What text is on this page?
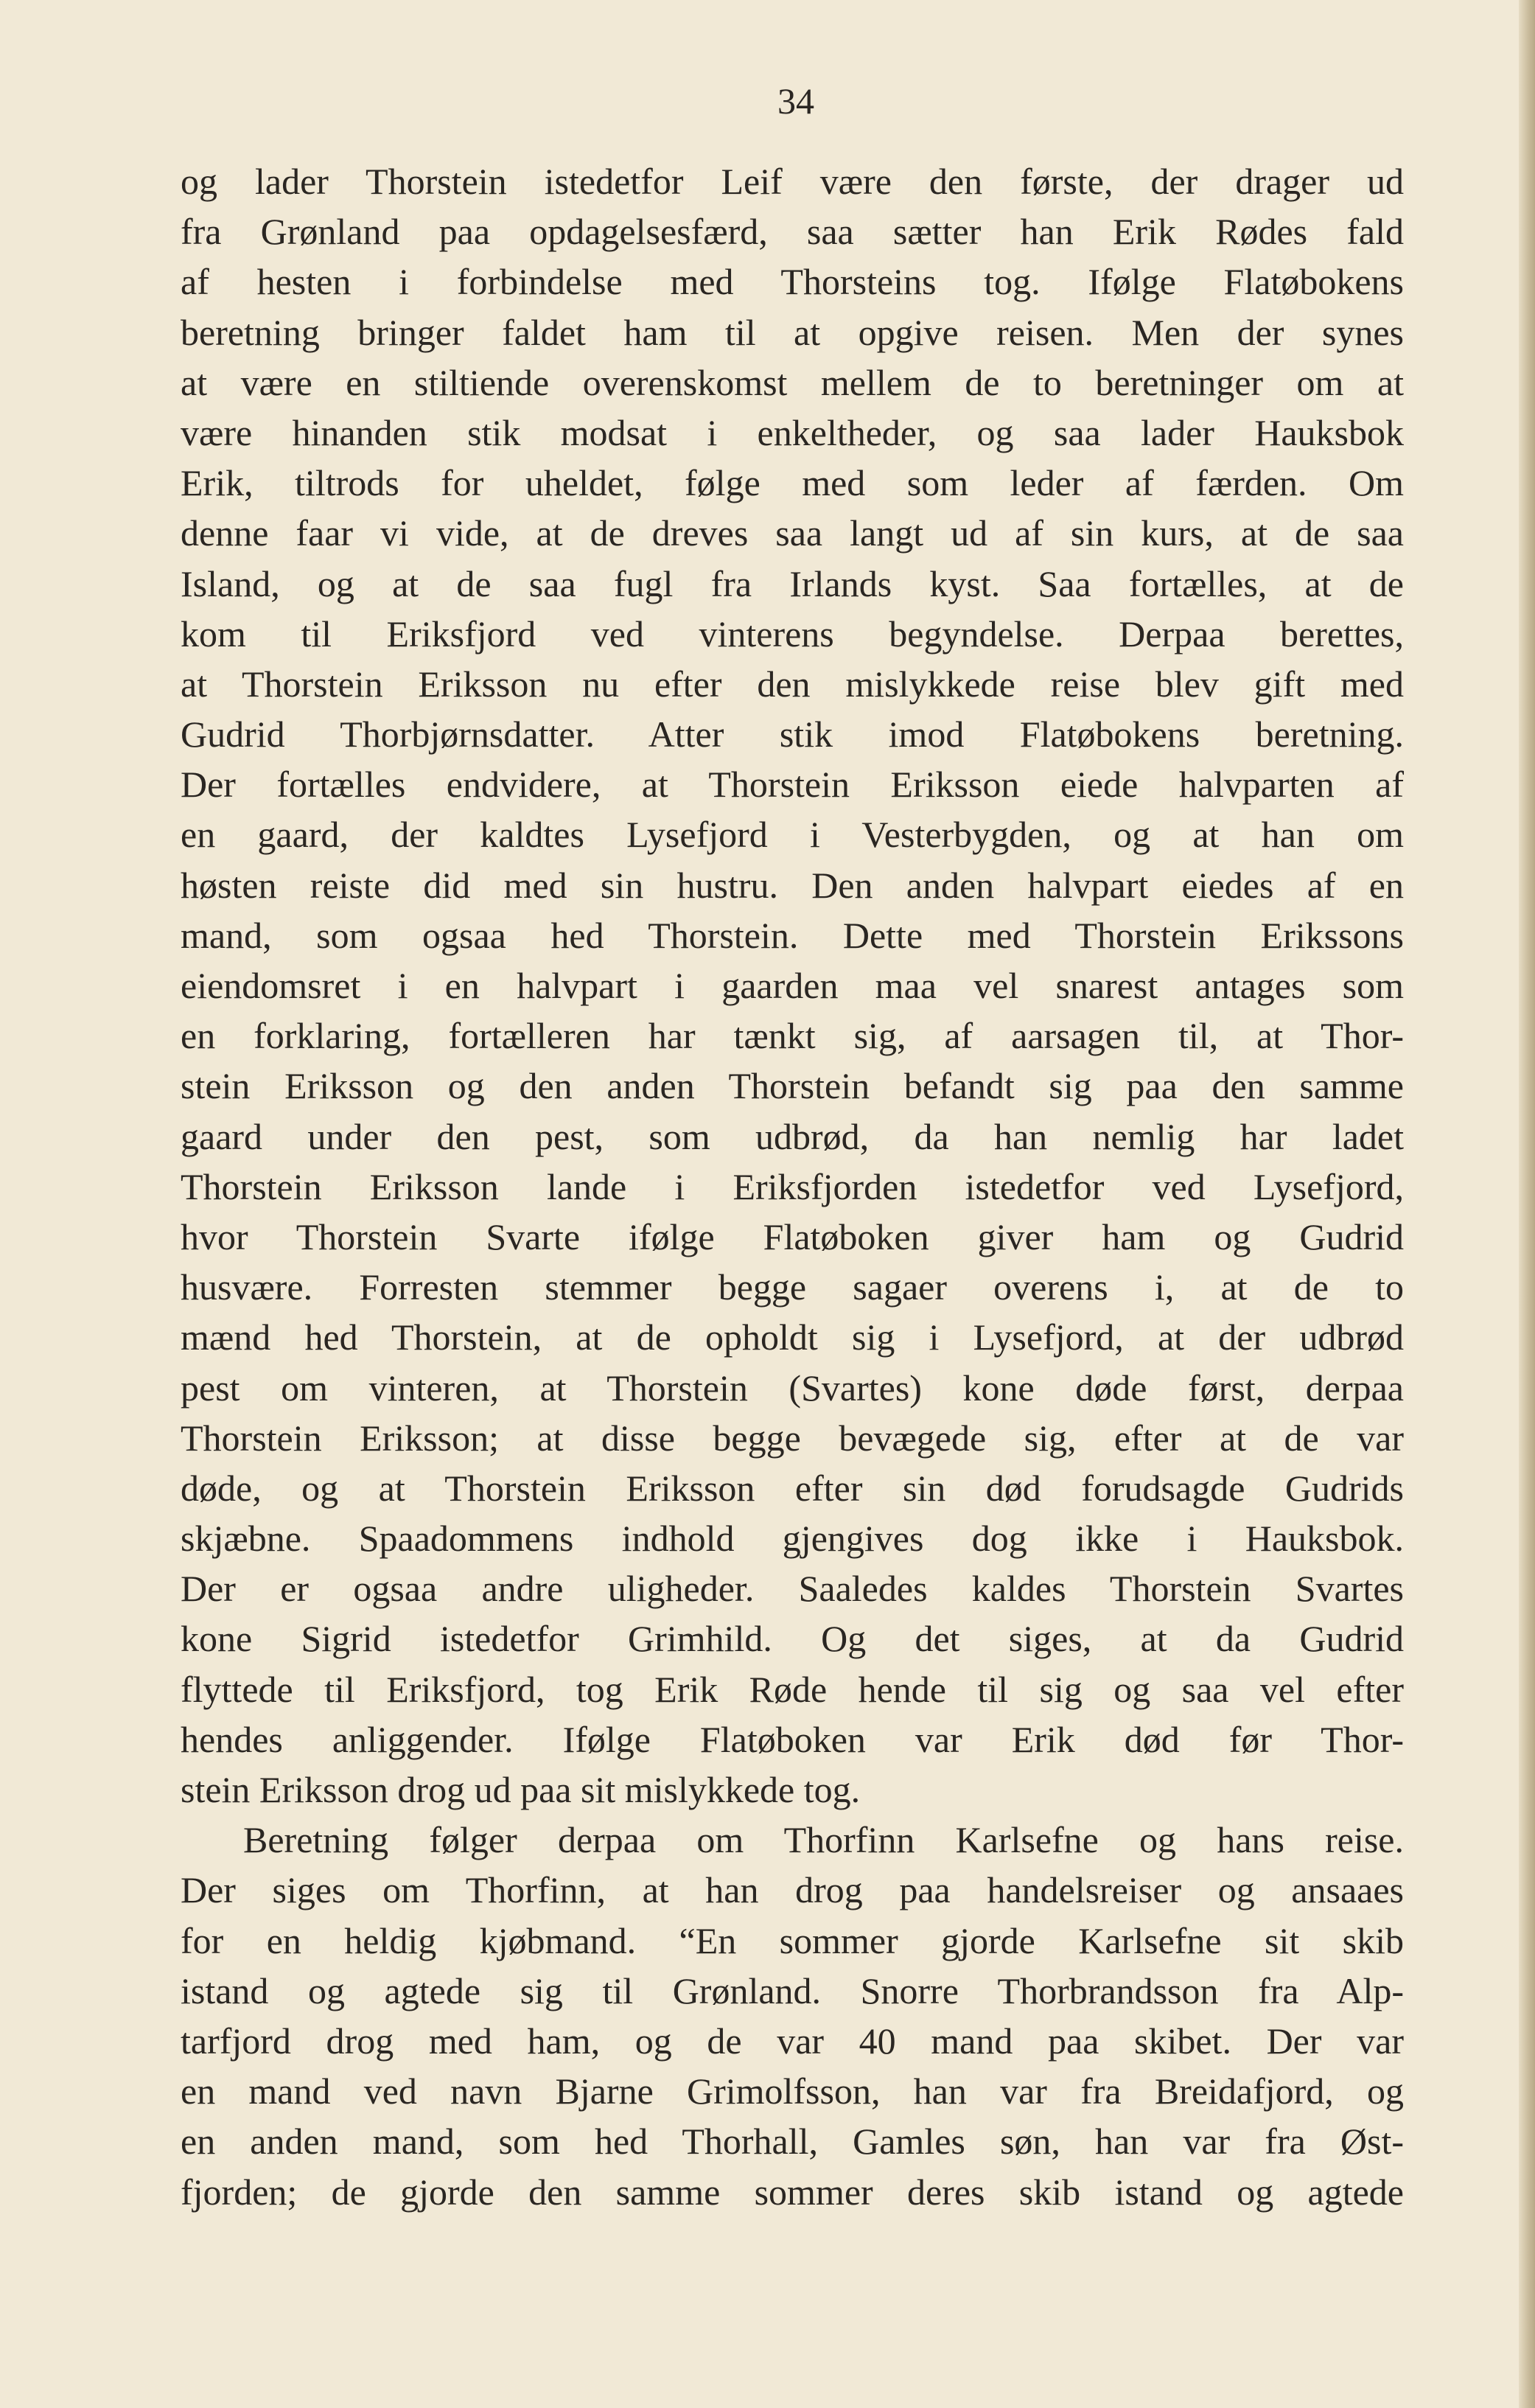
34
og lader Thorstein istedetfor Leif være den første, der drager ud
fra Grønland paa opdagelsesfærd, saa sætter han Erik Rødes fald
af hesten i forbindelse med Thorsteins tog. Ifølge Flatøbokens
beretning bringer faldet ham til at opgive reisen. Men der synes
at være en stiltiende overenskomst mellem de to beretninger om at
være hinanden stik modsat i enkeltheder, og saa lader Hauksbok
Erik, tiltrods for uheldet, følge med som leder af færden. Om
denne faar vi vide, at de dreves saa langt ud af sin kurs, at de saa
Island, og at de saa fugl fra Irlands kyst. Saa fortælles, at de
kom til Eriksfjord ved vinterens begyndelse. Derpaa berettes,
at Thorstein Eriksson nu efter den mislykkede reise blev gift med
Gudrid Thorbjørnsdatter. Atter stik imod Flatøbokens beretning.
Der fortælles endvidere, at Thorstein Eriksson eiede halvparten af
en gaard, der kaldtes Lysefjord i Vesterbygden, og at han om
høsten reiste did med sin hustru. Den anden halvpart eiedes af en
mand, som ogsaa hed Thorstein. Dette med Thorstein Erikssons
eiendomsret i en halvpart i gaarden maa vel snarest antages som
en forklaring, fortælleren har tænkt sig, af aarsagen til, at Thor-
stein Eriksson og den anden Thorstein befandt sig paa den samme
gaard under den pest, som udbrød, da han nemlig har ladet
Thorstein Eriksson lande i Eriksfjorden istedetfor ved Lysefjord,
hvor Thorstein Svarte ifølge Flatøboken giver ham og Gudrid
husvære. Forresten stemmer begge sagaer overens i, at de to
mænd hed Thorstein, at de opholdt sig i Lysefjord, at der udbrød
pest om vinteren, at Thorstein (Svartes) kone døde først, derpaa
Thorstein Eriksson; at disse begge bevægede sig, efter at de var
døde, og at Thorstein Eriksson efter sin død forudsagde Gudrids
skjæbne. Spaadommens indhold gjengives dog ikke i Hauksbok.
Der er ogsaa andre uligheder. Saaledes kaldes Thorstein Svartes
kone Sigrid istedetfor Grimhild. Og det siges, at da Gudrid
flyttede til Eriksfjord, tog Erik Røde hende til sig og saa vel efter
hendes anliggender. Ifølge Flatøboken var Erik død før Thor-
stein Eriksson drog ud paa sit mislykkede tog.
Beretning følger derpaa om Thorfinn Karlsefne og hans reise.
Der siges om Thorfinn, at han drog paa handelsreiser og ansaaes
for en heldig kjøbmand. “En sommer gjorde Karlsefne sit skib
istand og agtede sig til Grønland. Snorre Thorbrandsson fra Alp-
tarfjord drog med ham, og de var 40 mand paa skibet. Der var
en mand ved navn Bjarne Grimolfsson, han var fra Breidafjord, og
en anden mand, som hed Thorhall, Gamles søn, han var fra Øst-
fjorden; de gjorde den samme sommer deres skib istand og agtede
